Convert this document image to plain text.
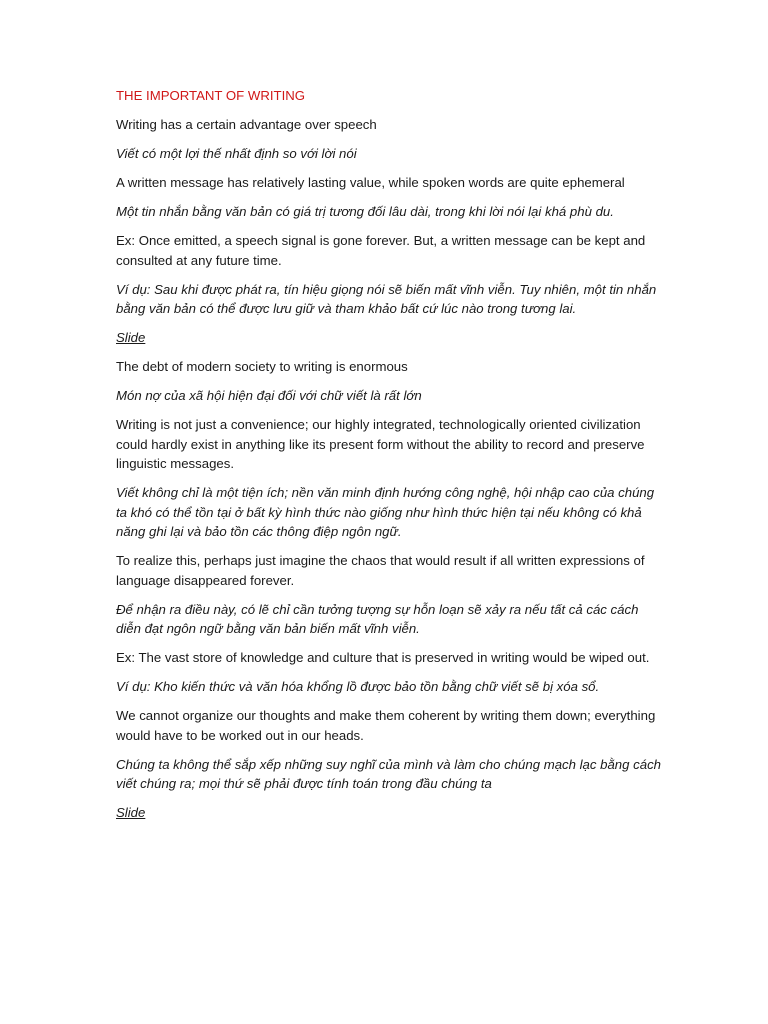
THE IMPORTANT OF WRITING

Writing has a certain advantage over speech

Viết có một lợi thế nhất định so với lời nói

A written message has relatively lasting value, while spoken words are quite ephemeral

Một tin nhắn bằng văn bản có giá trị tương đối lâu dài, trong khi lời nói lại khá phù du.

Ex: Once emitted, a speech signal is gone forever. But, a written message can be kept and consulted at any future time.

Ví dụ: Sau khi được phát ra, tín hiệu giọng nói sẽ biến mất vĩnh viễn. Tuy nhiên, một tin nhắn bằng văn bản có thể được lưu giữ và tham khảo bất cứ lúc nào trong tương lai.

Slide

The debt of modern society to writing is enormous

Món nợ của xã hội hiện đại đối với chữ viết là rất lớn

Writing is not just a convenience; our highly integrated, technologically oriented civilization could hardly exist in anything like its present form without the ability to record and preserve linguistic messages.

Viết không chỉ là một tiện ích; nền văn minh định hướng công nghệ, hội nhập cao của chúng ta khó có thể tồn tại ở bất kỳ hình thức nào giống như hình thức hiện tại nếu không có khả năng ghi lại và bảo tồn các thông điệp ngôn ngữ.

To realize this, perhaps just imagine the chaos that would result if all written expressions of language disappeared forever.

Để nhận ra điều này, có lẽ chỉ cần tưởng tượng sự hỗn loạn sẽ xảy ra nếu tất cả các cách diễn đạt ngôn ngữ bằng văn bản biến mất vĩnh viễn.

Ex: The vast store of knowledge and culture that is preserved in writing would be wiped out.

Ví dụ: Kho kiến thức và văn hóa khổng lồ được bảo tồn bằng chữ viết sẽ bị xóa sổ.

We cannot organize our thoughts and make them coherent by writing them down; everything would have to be worked out in our heads.

Chúng ta không thể sắp xếp những suy nghĩ của mình và làm cho chúng mạch lạc bằng cách viết chúng ra; mọi thứ sẽ phải được tính toán trong đầu chúng ta

Slide
